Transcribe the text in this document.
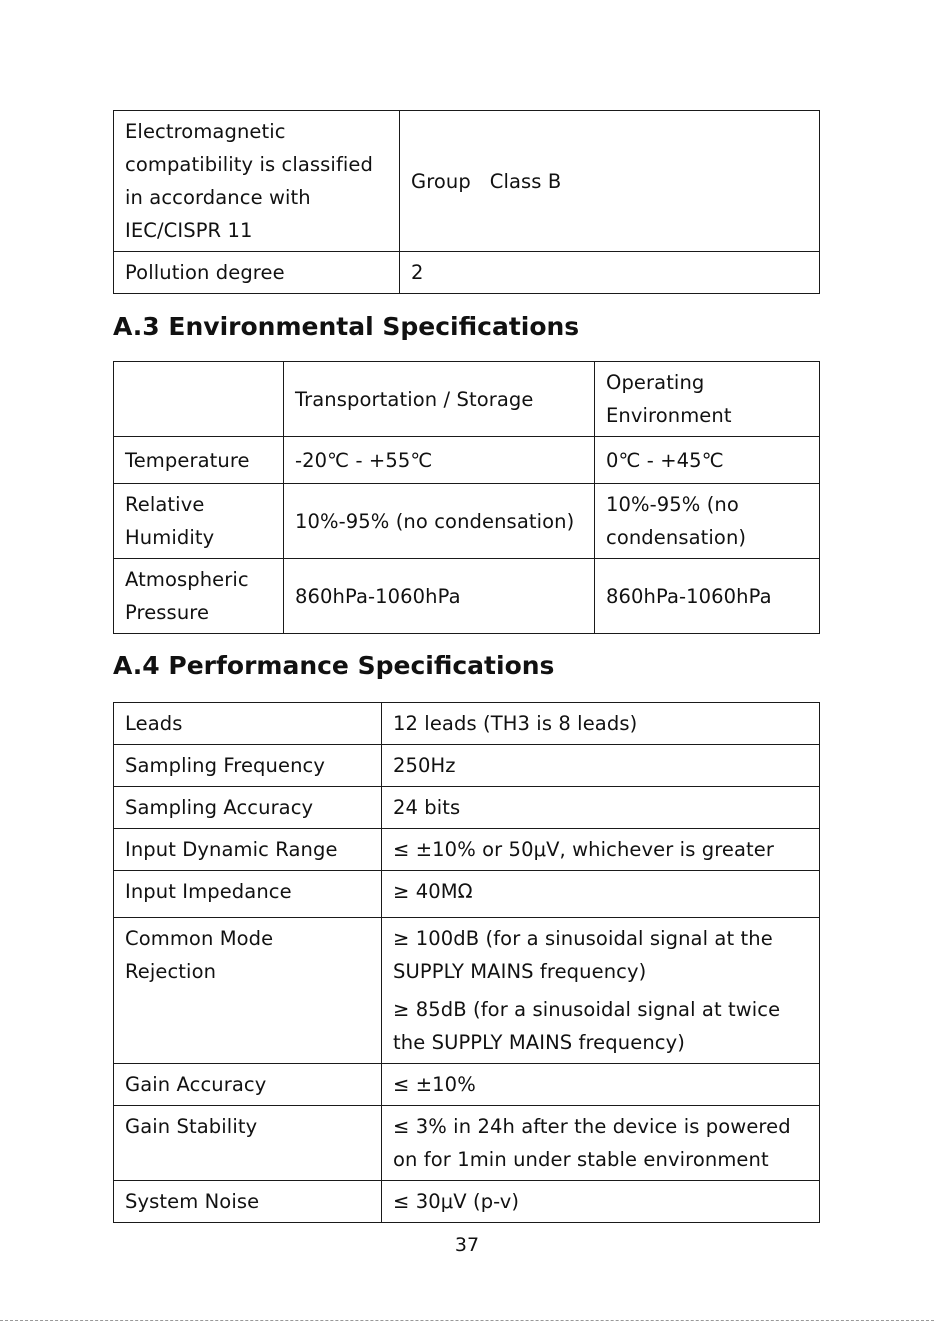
Electromagnetic compatibility is classified in accordance with IEC/CISPR 11	Group   Class B
Pollution degree	2
A.3 Environmental Specifications
	Transportation / Storage	Operating Environment
Temperature	-20℃ - +55℃	0℃ - +45℃
Relative Humidity	10%-95% (no condensation)	10%-95% (no condensation)
Atmospheric Pressure	860hPa-1060hPa	860hPa-1060hPa
A.4 Performance Specifications
Leads	12 leads (TH3 is 8 leads)
Sampling Frequency	250Hz
Sampling Accuracy	24 bits
Input Dynamic Range	≤ ±10% or 50μV, whichever is greater
Input Impedance	≥ 40MΩ
Common Mode Rejection	≥ 100dB (for a sinusoidal signal at the SUPPLY MAINS frequency)

≥ 85dB (for a sinusoidal signal at twice the SUPPLY MAINS frequency)

Gain Accuracy	≤ ±10%
Gain Stability	≤ 3% in 24h after the device is powered on for 1min under stable environment
System Noise	≤ 30μV (p-v)
37
